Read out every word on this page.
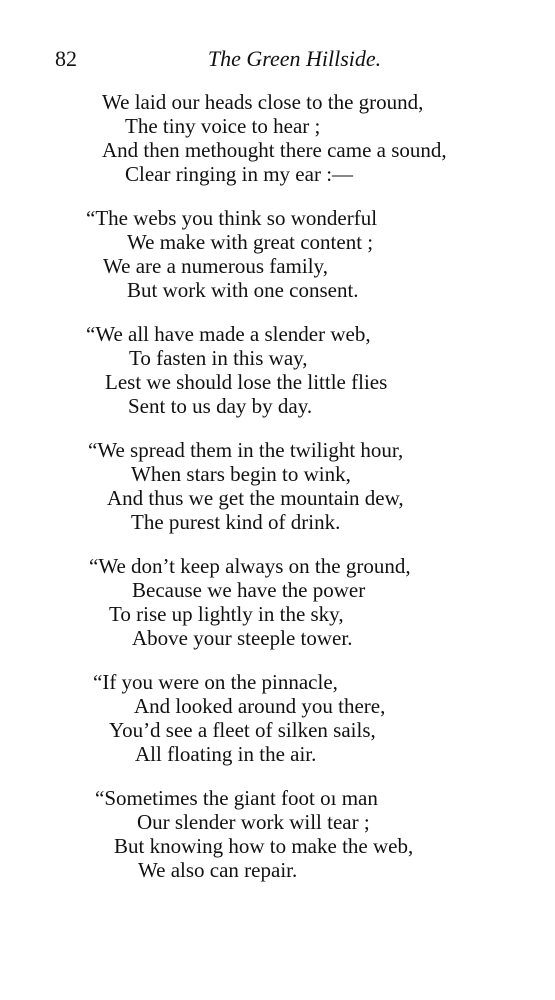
82	The Green Hillside.
We laid our heads close to the ground,
The tiny voice to hear ;
And then methought there came a sound,
Clear ringing in my ear :—
“The webs you think so wonderful
We make with great content ;
We are a numerous family,
But work with one consent.
“We all have made a slender web,
To fasten in this way,
Lest we should lose the little flies
Sent to us day by day.
“We spread them in the twilight hour,
When stars begin to wink,
And thus we get the mountain dew,
The purest kind of drink.
“We don’t keep always on the ground,
Because we have the power
To rise up lightly in the sky,
Above your steeple tower.
“If you were on the pinnacle,
And looked around you there,
You’d see a fleet of silken sails,
All floating in the air.
“Sometimes the giant foot oı man
Our slender work will tear ;
But knowing how to make the web,
We also can repair.
